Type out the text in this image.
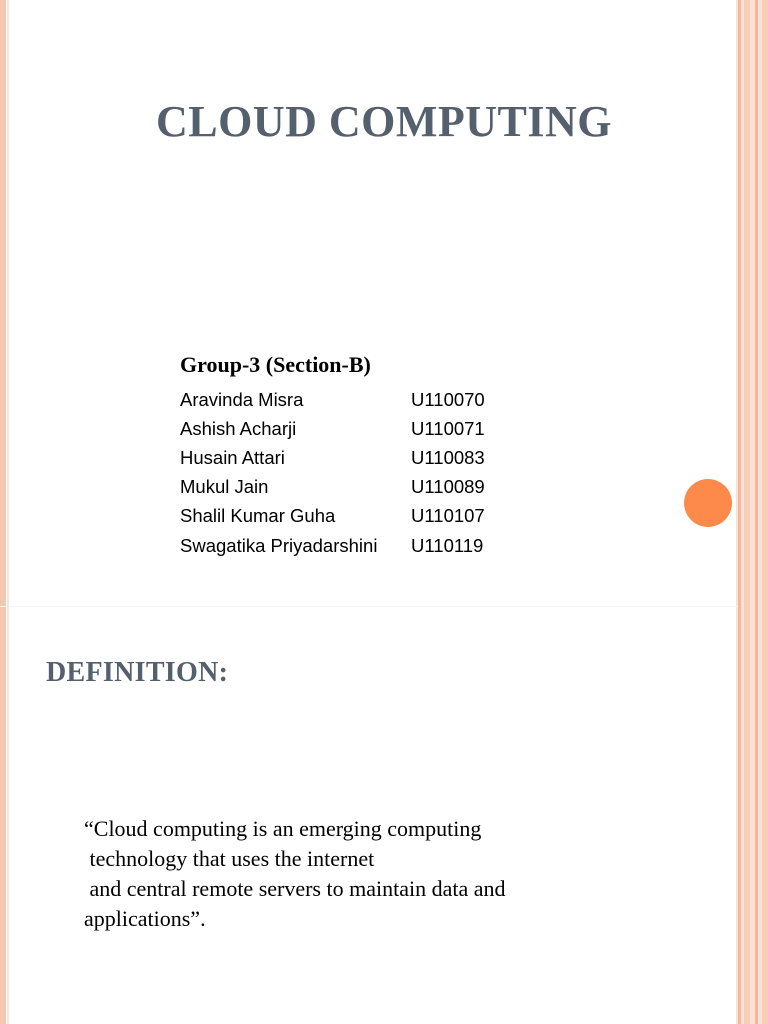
CLOUD COMPUTING
Group-3 (Section-B)
Aravinda Misra	U110070
Ashish Acharji	U110071
Husain Attari	U110083
Mukul Jain	U110089
Shalil Kumar Guha	U110107
Swagatika Priyadarshini	U110119
DEFINITION:

“Cloud computing is an emerging computing
technology that uses the internet
and central remote servers to maintain data and
applications”.
